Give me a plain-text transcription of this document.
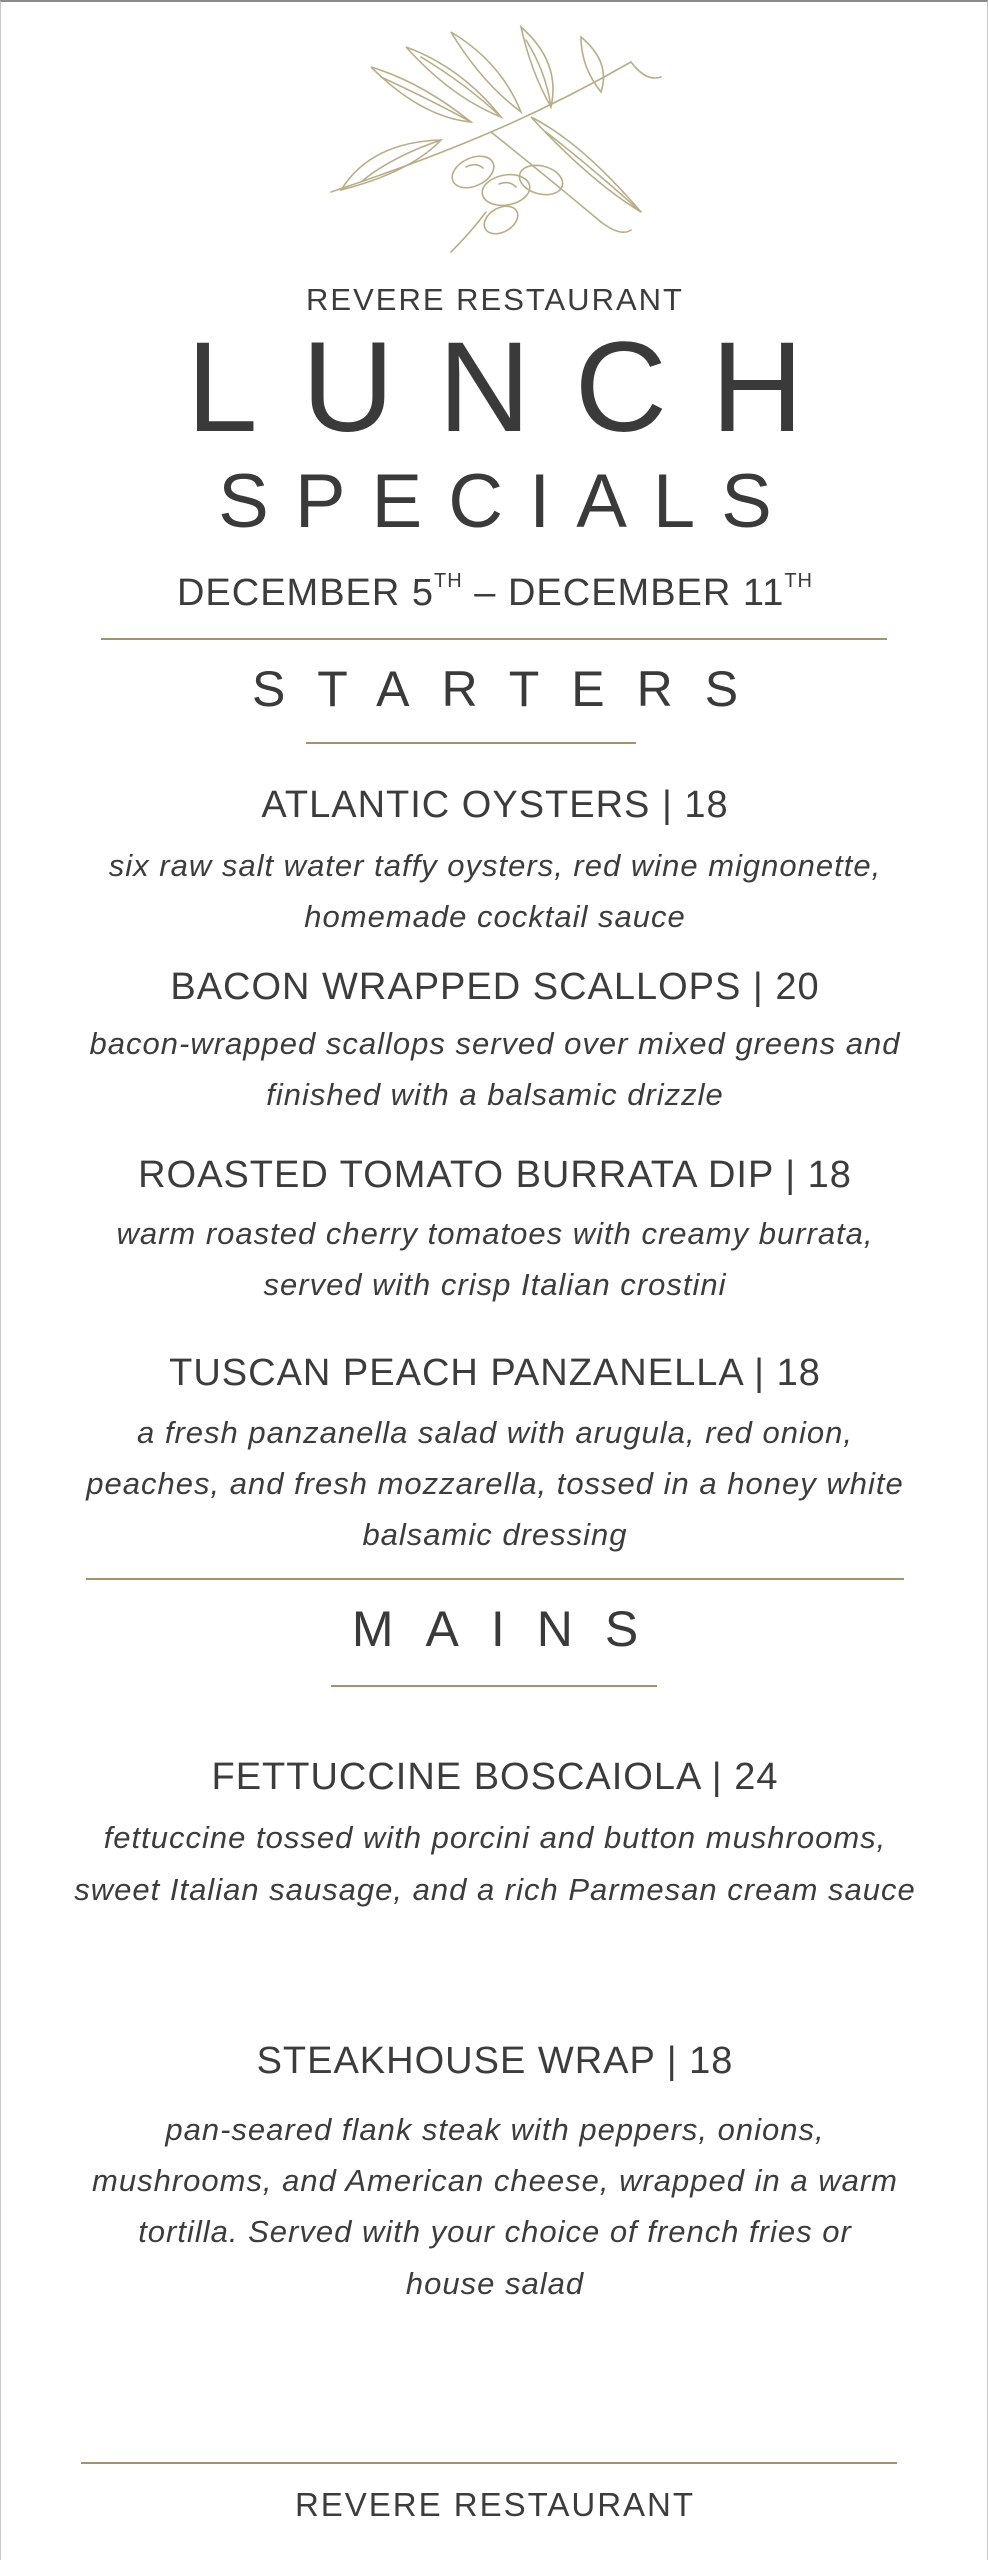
REVERE RESTAURANT
LUNCH
SPECIALS
DECEMBER 5TH – DECEMBER 11TH
STARTERS
ATLANTIC OYSTERS | 18
six raw salt water taffy oysters, red wine mignonette,
homemade cocktail sauce
BACON WRAPPED SCALLOPS | 20
bacon-wrapped scallops served over mixed greens and
finished with a balsamic drizzle
ROASTED TOMATO BURRATA DIP | 18
warm roasted cherry tomatoes with creamy burrata,
served with crisp Italian crostini
TUSCAN PEACH PANZANELLA | 18
a fresh panzanella salad with arugula, red onion,
peaches, and fresh mozzarella, tossed in a honey white
balsamic dressing
MAINS
FETTUCCINE BOSCAIOLA | 24
fettuccine tossed with porcini and button mushrooms,
sweet Italian sausage, and a rich Parmesan cream sauce
STEAKHOUSE WRAP | 18
pan-seared flank steak with peppers, onions,
mushrooms, and American cheese, wrapped in a warm
tortilla. Served with your choice of french fries or
house salad
REVERE RESTAURANT
